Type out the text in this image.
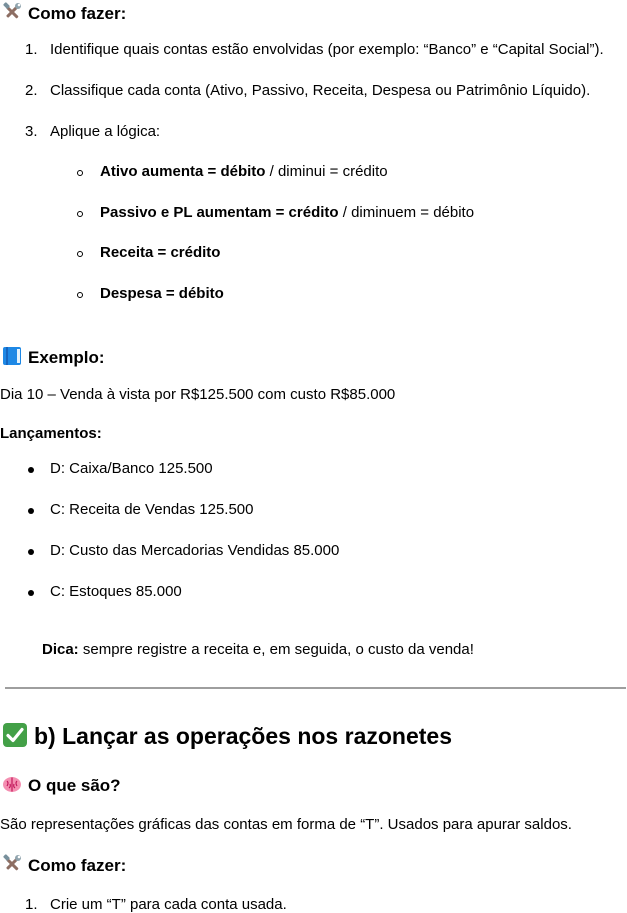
Como fazer:
1. Identifique quais contas estão envolvidas (por exemplo: “Banco” e “Capital Social”).
2. Classifique cada conta (Ativo, Passivo, Receita, Despesa ou Patrimônio Líquido).
3. Aplique a lógica:
Ativo aumenta = débito / diminui = crédito
Passivo e PL aumentam = crédito / diminuem = débito
Receita = crédito
Despesa = débito
Exemplo:
Dia 10 – Venda à vista por R$125.500 com custo R$85.000
Lançamentos:
D: Caixa/Banco 125.500
C: Receita de Vendas 125.500
D: Custo das Mercadorias Vendidas 85.000
C: Estoques 85.000
Dica: sempre registre a receita e, em seguida, o custo da venda!
b) Lançar as operações nos razonetes
O que são?
São representações gráficas das contas em forma de “T”. Usados para apurar saldos.
Como fazer:
1. Crie um “T” para cada conta usada.
